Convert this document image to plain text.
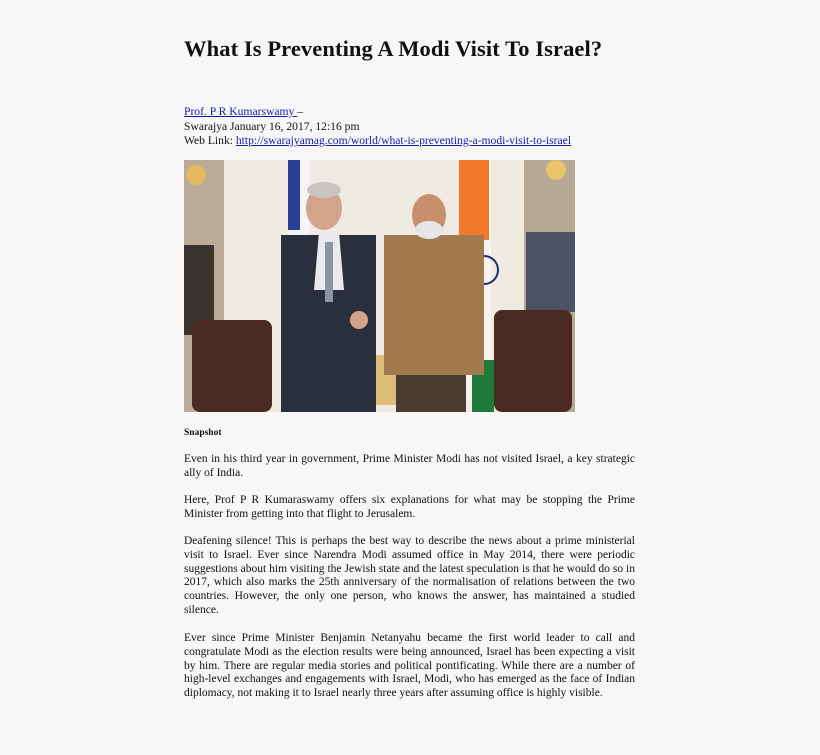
What Is Preventing A Modi Visit To Israel?
Prof. P R Kumarswamy –
Swarajya January 16, 2017, 12:16 pm
Web Link: http://swarajyamag.com/world/what-is-preventing-a-modi-visit-to-israel
Snapshot

Even in his third year in government, Prime Minister Modi has not visited Israel, a key strategic ally of India.

Here, Prof P R Kumaraswamy offers six explanations for what may be stopping the Prime Minister from getting into that flight to Jerusalem.

Deafening silence! This is perhaps the best way to describe the news about a prime ministerial visit to Israel. Ever since Narendra Modi assumed office in May 2014, there were periodic suggestions about him visiting the Jewish state and the latest speculation is that he would do so in 2017, which also marks the 25th anniversary of the normalisation of relations between the two countries. However, the only one person, who knows the answer, has maintained a studied silence.

Ever since Prime Minister Benjamin Netanyahu became the first world leader to call and congratulate Modi as the election results were being announced, Israel has been expecting a visit by him. There are regular media stories and political pontificating. While there are a number of high-level exchanges and engagements with Israel, Modi, who has emerged as the face of Indian diplomacy, not making it to Israel nearly three years after assuming office is highly visible.
